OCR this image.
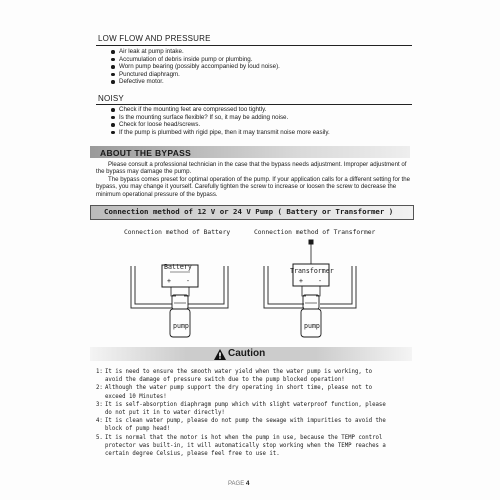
LOW FLOW AND PRESSURE
Air leak at pump intake.
Accumulation of debris inside pump or plumbing.
Worn pump bearing (possibly accompanied by loud noise).
Punctured diaphragm.
Defective motor.
NOISY
Check if the mounting feet are compressed too tightly.
Is the mounting surface flexible? If so, it may be adding noise.
Check for loose head/screws.
If the pump is plumbed with rigid pipe, then it may transmit noise more easily.
ABOUT THE BYPASS

Please consult a professional technician in the case that the bypass needs adjustment. Improper adjustment of the bypass may damage the pump.

The bypass comes preset for optimal operation of the pump. If your application calls for a different setting for the bypass, you may change it yourself. Carefully tighten the screw to increase or loosen the screw to decrease the minimum operational pressure of the bypass.

Connection method of 12 V or 24 V Pump ( Battery or Transformer )
Connection method of Battery	Connection method of Transformer
Battery
+ -
pump
Transformer
+ -
pump
Caution
1: It is need to ensure the smooth water yield when the water pump is working, to
avoid the damage of pressure switch due to the pump blocked operation!
2: Although the water pump support the dry operating in short time, please not to
exceed 10 Minutes!
3: It is self-absorption diaphragm pump which with slight waterproof function, please
do not put it in to water directly!
4: It is clean water pump, please do not pump the sewage with impurities to avoid the
block of pump head!
5. It is normal that the motor is hot when the pump in use, because the TEMP control
protector was built-in, it will automatically stop working when the TEMP reaches a
certain degree Celsius, please feel free to use it.
PAGE 4
